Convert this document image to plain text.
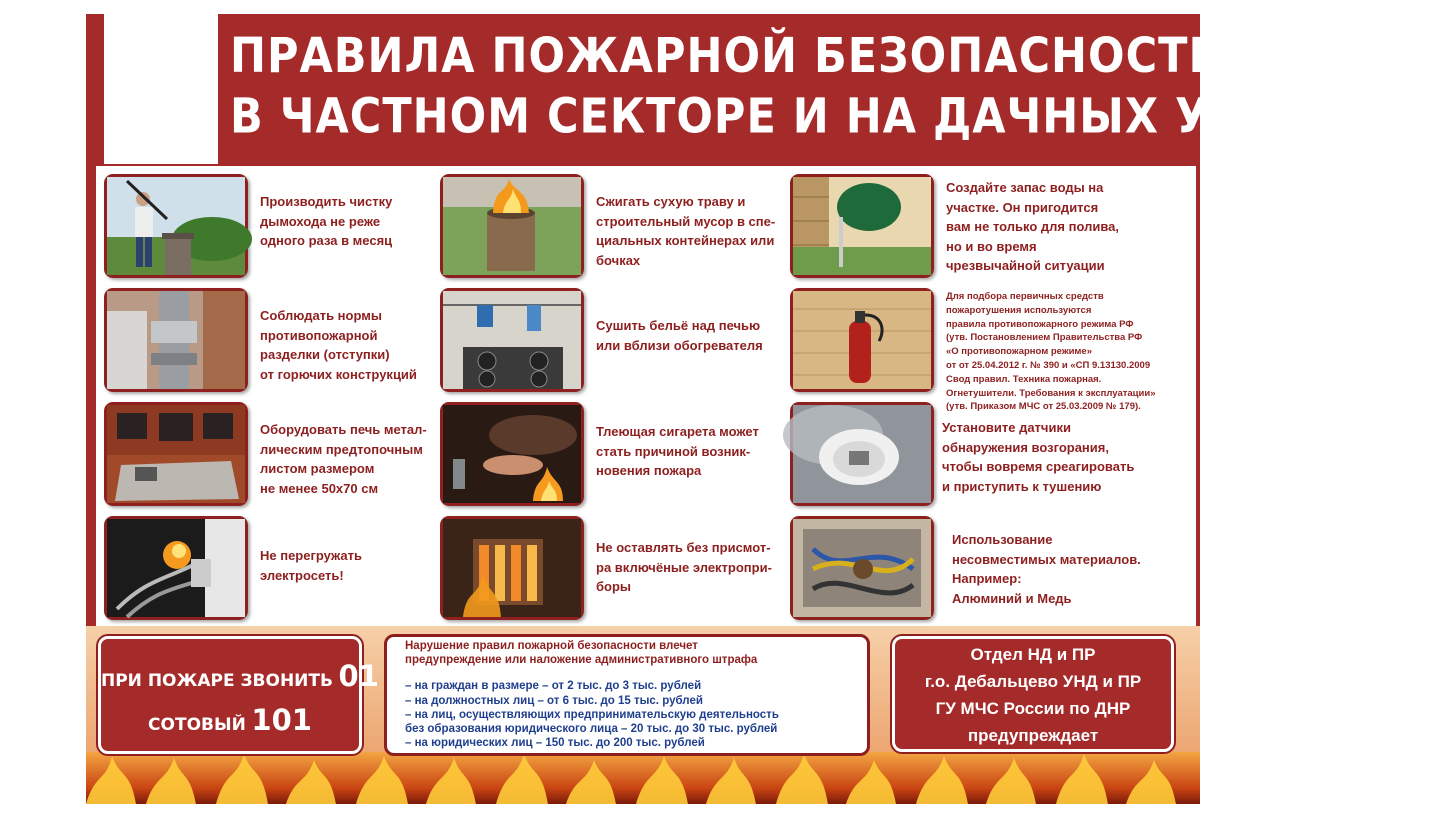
ПРАВИЛА ПОЖАРНОЙ БЕЗОПАСНОСТИ
В ЧАСТНОМ СЕКТОРЕ И НА ДАЧНЫХ УЧАСТКАХ
Производить чистку
дымохода не реже
одного раза в месяц
Соблюдать нормы
противопожарной
разделки (отступки)
от горючих конструкций
Оборудовать печь метал-
лическим предтопочным
листом размером
не менее 50х70 см
Не перегружать
электросеть!
Сжигать сухую траву и
строительный мусор в спе-
циальных контейнерах или
бочках
Сушить бельё над печью
или вблизи обогревателя
Тлеющая сигарета может
стать причиной возник-
новения пожара
Не оставлять без присмот-
ра включёные электропри-
боры
Создайте запас воды на
участке. Он пригодится
вам не только для полива,
но и во время
чрезвычайной ситуации
Для подбора первичных средств
пожаротушения используются
правила противопожарного режима РФ
(утв. Постановлением Правительства РФ
«О противопожарном режиме»
от от 25.04.2012 г. № 390 и «СП 9.13130.2009
Свод правил. Техника пожарная.
Огнетушители. Требования к эксплуатации»
(утв. Приказом МЧС от 25.03.2009 № 179).
Установите датчики
обнаружения возгорания,
чтобы вовремя среагировать
и приступить к тушению
Использование
несовместимых материалов.
Например:
Алюминий и Медь
ПРИ ПОЖАРЕ ЗВОНИТЬ 01
СОТОВЫЙ 101
Нарушение правил пожарной безопасности влечет
предупреждение или наложение административного штрафа
– на граждан в размере – от 2 тыс. до 3 тыс. рублей
– на должностных лиц – от 6 тыс. до 15 тыс. рублей
– на лиц, осуществляющих предпринимательскую деятельность
без образования юридического лица – 20 тыс. до 30 тыс. рублей
– на юридических лиц – 150 тыс. до 200 тыс. рублей
Отдел НД и ПР
г.о. Дебальцево УНД и ПР
ГУ МЧС России по ДНР
предупреждает
